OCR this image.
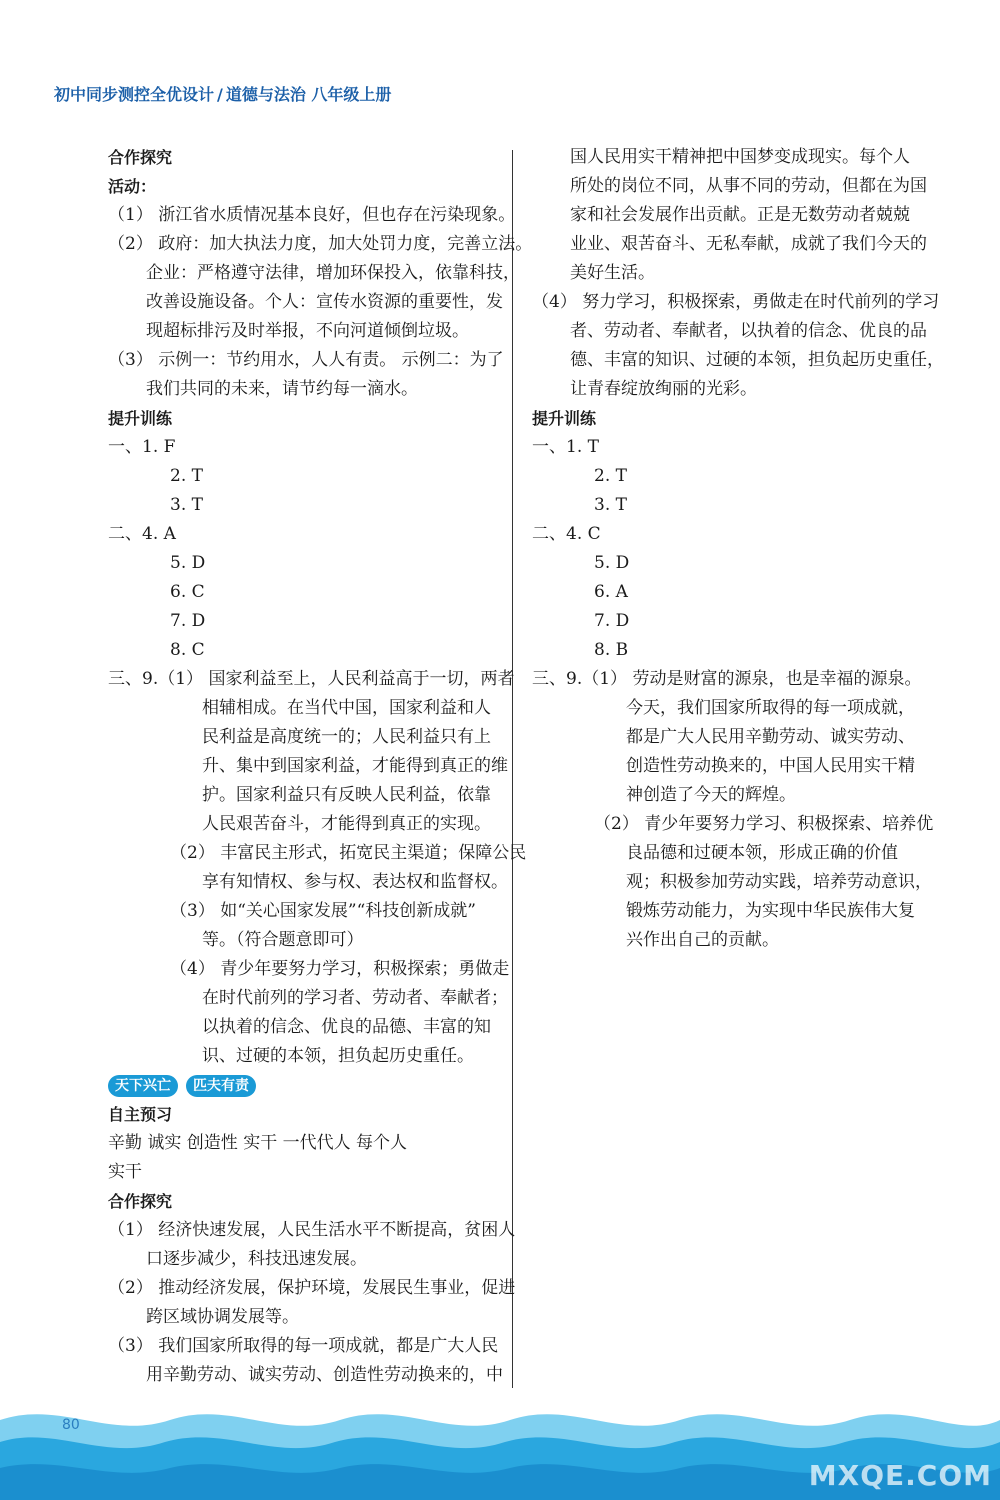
初中同步测控全优设计 / 道德与法治 八年级上册
合作探究
活动：
（1） 浙江省水质情况基本良好，但也存在污染现象。
（2） 政府：加大执法力度，加大处罚力度，完善立法。
企业：严格遵守法律，增加环保投入，依靠科技，
改善设施设备。个人：宣传水资源的重要性，发
现超标排污及时举报，不向河道倾倒垃圾。
（3） 示例一：节约用水，人人有责。 示例二：为了
我们共同的未来，请节约每一滴水。
提升训练
一、1. F
2. T
3. T
二、4. A
5. D
6. C
7. D
8. C
三、9.（1） 国家利益至上，人民利益高于一切，两者
相辅相成。在当代中国，国家利益和人
民利益是高度统一的；人民利益只有上
升、集中到国家利益，才能得到真正的维
护。国家利益只有反映人民利益，依靠
人民艰苦奋斗，才能得到真正的实现。
（2） 丰富民主形式，拓宽民主渠道；保障公民
享有知情权、参与权、表达权和监督权。
（3） 如“关心国家发展”“科技创新成就”
等。（符合题意即可）
（4） 青少年要努力学习，积极探索；勇做走
在时代前列的学习者、劳动者、奉献者；
以执着的信念、优良的品德、丰富的知
识、过硬的本领，担负起历史重任。
天下兴亡	匹夫有责
自主预习
辛勤 诚实 创造性 实干 一代代人 每个人
实干
合作探究
（1） 经济快速发展，人民生活水平不断提高，贫困人
口逐步减少，科技迅速发展。
（2） 推动经济发展，保护环境，发展民生事业，促进
跨区域协调发展等。
（3） 我们国家所取得的每一项成就，都是广大人民
用辛勤劳动、诚实劳动、创造性劳动换来的，中
国人民用实干精神把中国梦变成现实。每个人
所处的岗位不同，从事不同的劳动，但都在为国
家和社会发展作出贡献。正是无数劳动者兢兢
业业、艰苦奋斗、无私奉献，成就了我们今天的
美好生活。
（4） 努力学习，积极探索，勇做走在时代前列的学习
者、劳动者、奉献者，以执着的信念、优良的品
德、丰富的知识、过硬的本领，担负起历史重任，
让青春绽放绚丽的光彩。
提升训练
一、1. T
2. T
3. T
二、4. C
5. D
6. A
7. D
8. B
三、9.（1） 劳动是财富的源泉，也是幸福的源泉。
今天，我们国家所取得的每一项成就，
都是广大人民用辛勤劳动、诚实劳动、
创造性劳动换来的，中国人民用实干精
神创造了今天的辉煌。
（2） 青少年要努力学习、积极探索、培养优
良品德和过硬本领，形成正确的价值
观；积极参加劳动实践，培养劳动意识，
锻炼劳动能力，为实现中华民族伟大复
兴作出自己的贡献。
80
MXQE.COM
